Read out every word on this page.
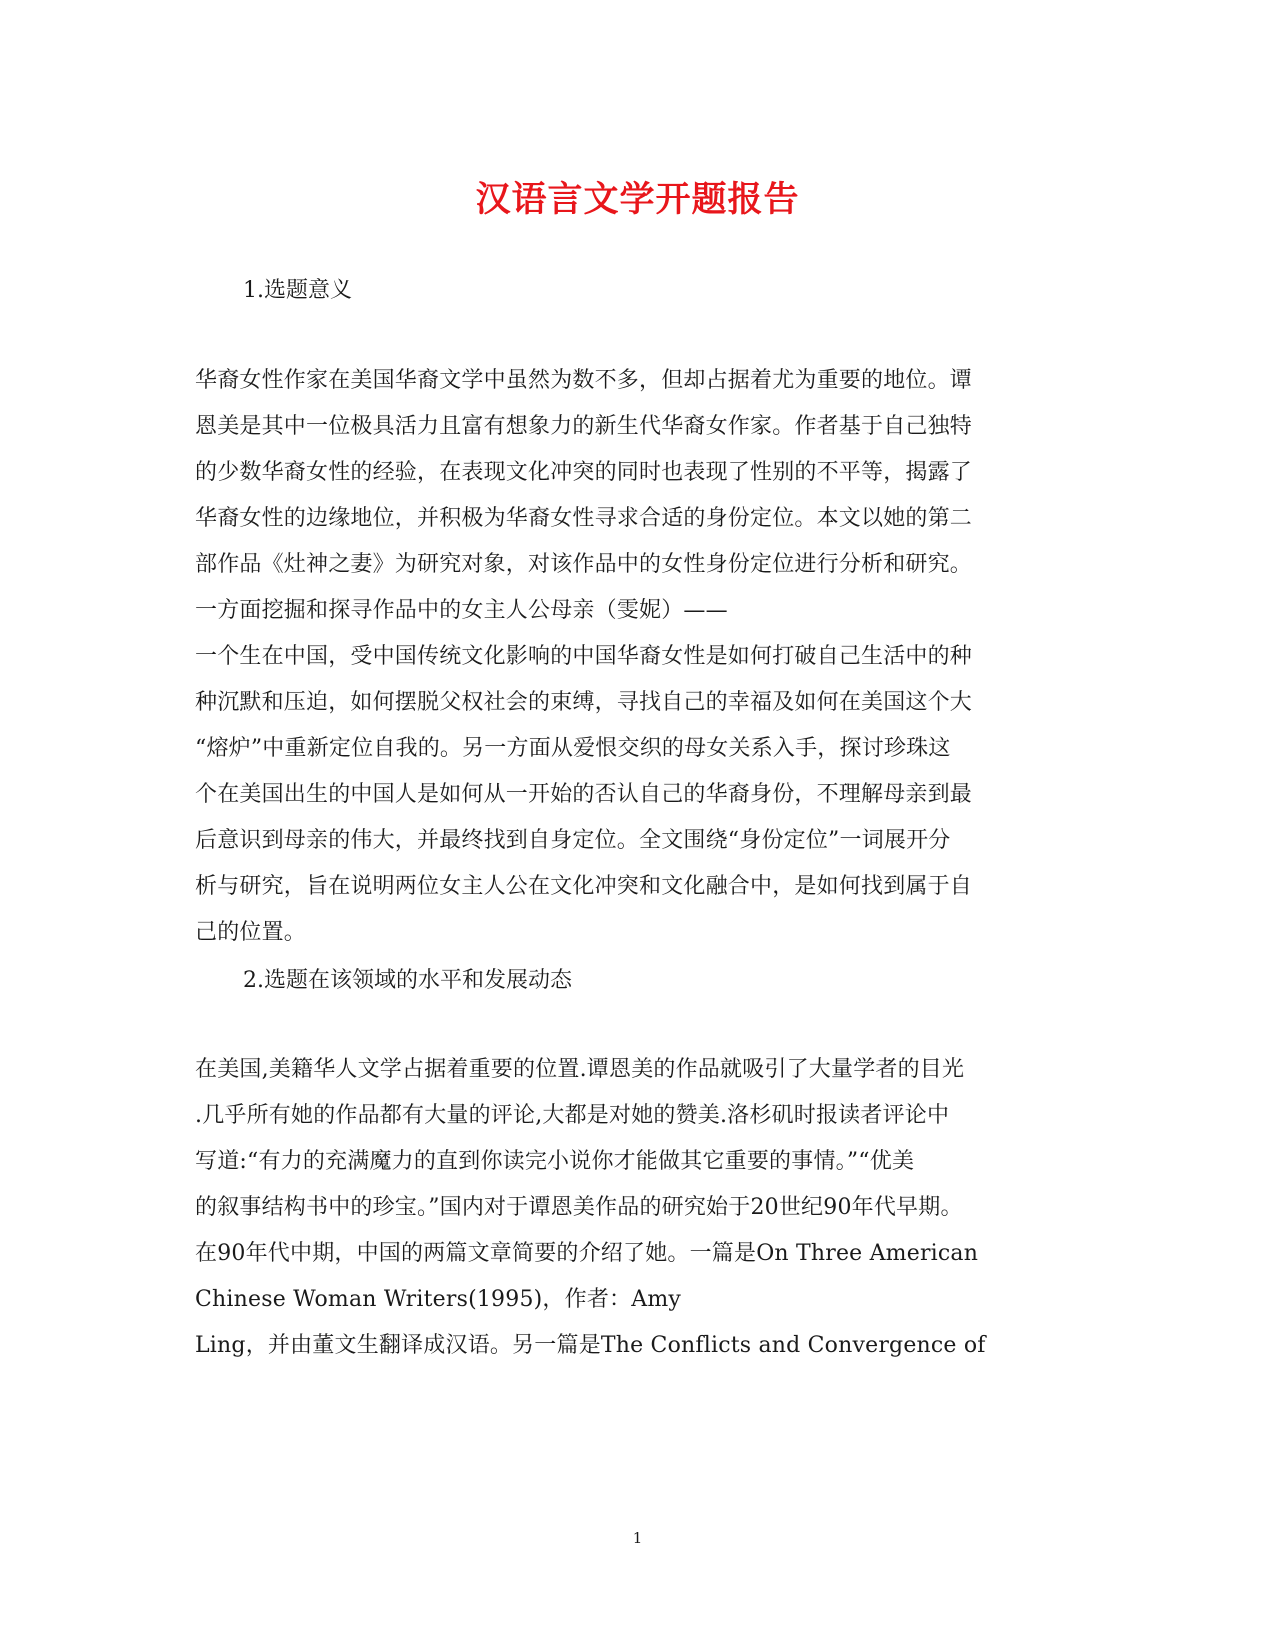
汉语言文学开题报告
1.选题意义
华裔女性作家在美国华裔文学中虽然为数不多，但却占据着尤为重要的地位。谭
恩美是其中一位极具活力且富有想象力的新生代华裔女作家。作者基于自己独特
的少数华裔女性的经验，在表现文化冲突的同时也表现了性别的不平等，揭露了
华裔女性的边缘地位，并积极为华裔女性寻求合适的身份定位。本文以她的第二
部作品《灶神之妻》为研究对象，对该作品中的女性身份定位进行分析和研究。
一方面挖掘和探寻作品中的女主人公母亲（雯妮）——
一个生在中国，受中国传统文化影响的中国华裔女性是如何打破自己生活中的种
种沉默和压迫，如何摆脱父权社会的束缚，寻找自己的幸福及如何在美国这个大
“熔炉”中重新定位自我的。另一方面从爱恨交织的母女关系入手，探讨珍珠这
个在美国出生的中国人是如何从一开始的否认自己的华裔身份，不理解母亲到最
后意识到母亲的伟大，并最终找到自身定位。全文围绕“身份定位”一词展开分
析与研究，旨在说明两位女主人公在文化冲突和文化融合中，是如何找到属于自
己的位置。
2.选题在该领域的水平和发展动态
在美国,美籍华人文学占据着重要的位置.谭恩美的作品就吸引了大量学者的目光
.几乎所有她的作品都有大量的评论,大都是对她的赞美.洛杉矶时报读者评论中
写道:“有力的充满魔力的直到你读完小说你才能做其它重要的事情。”“优美
的叙事结构书中的珍宝。”国内对于谭恩美作品的研究始于20世纪90年代早期。
在90年代中期，中国的两篇文章简要的介绍了她。一篇是On Three American
Chinese Woman Writers(1995)，作者：Amy
Ling，并由董文生翻译成汉语。另一篇是The Conflicts and Convergence of
1
